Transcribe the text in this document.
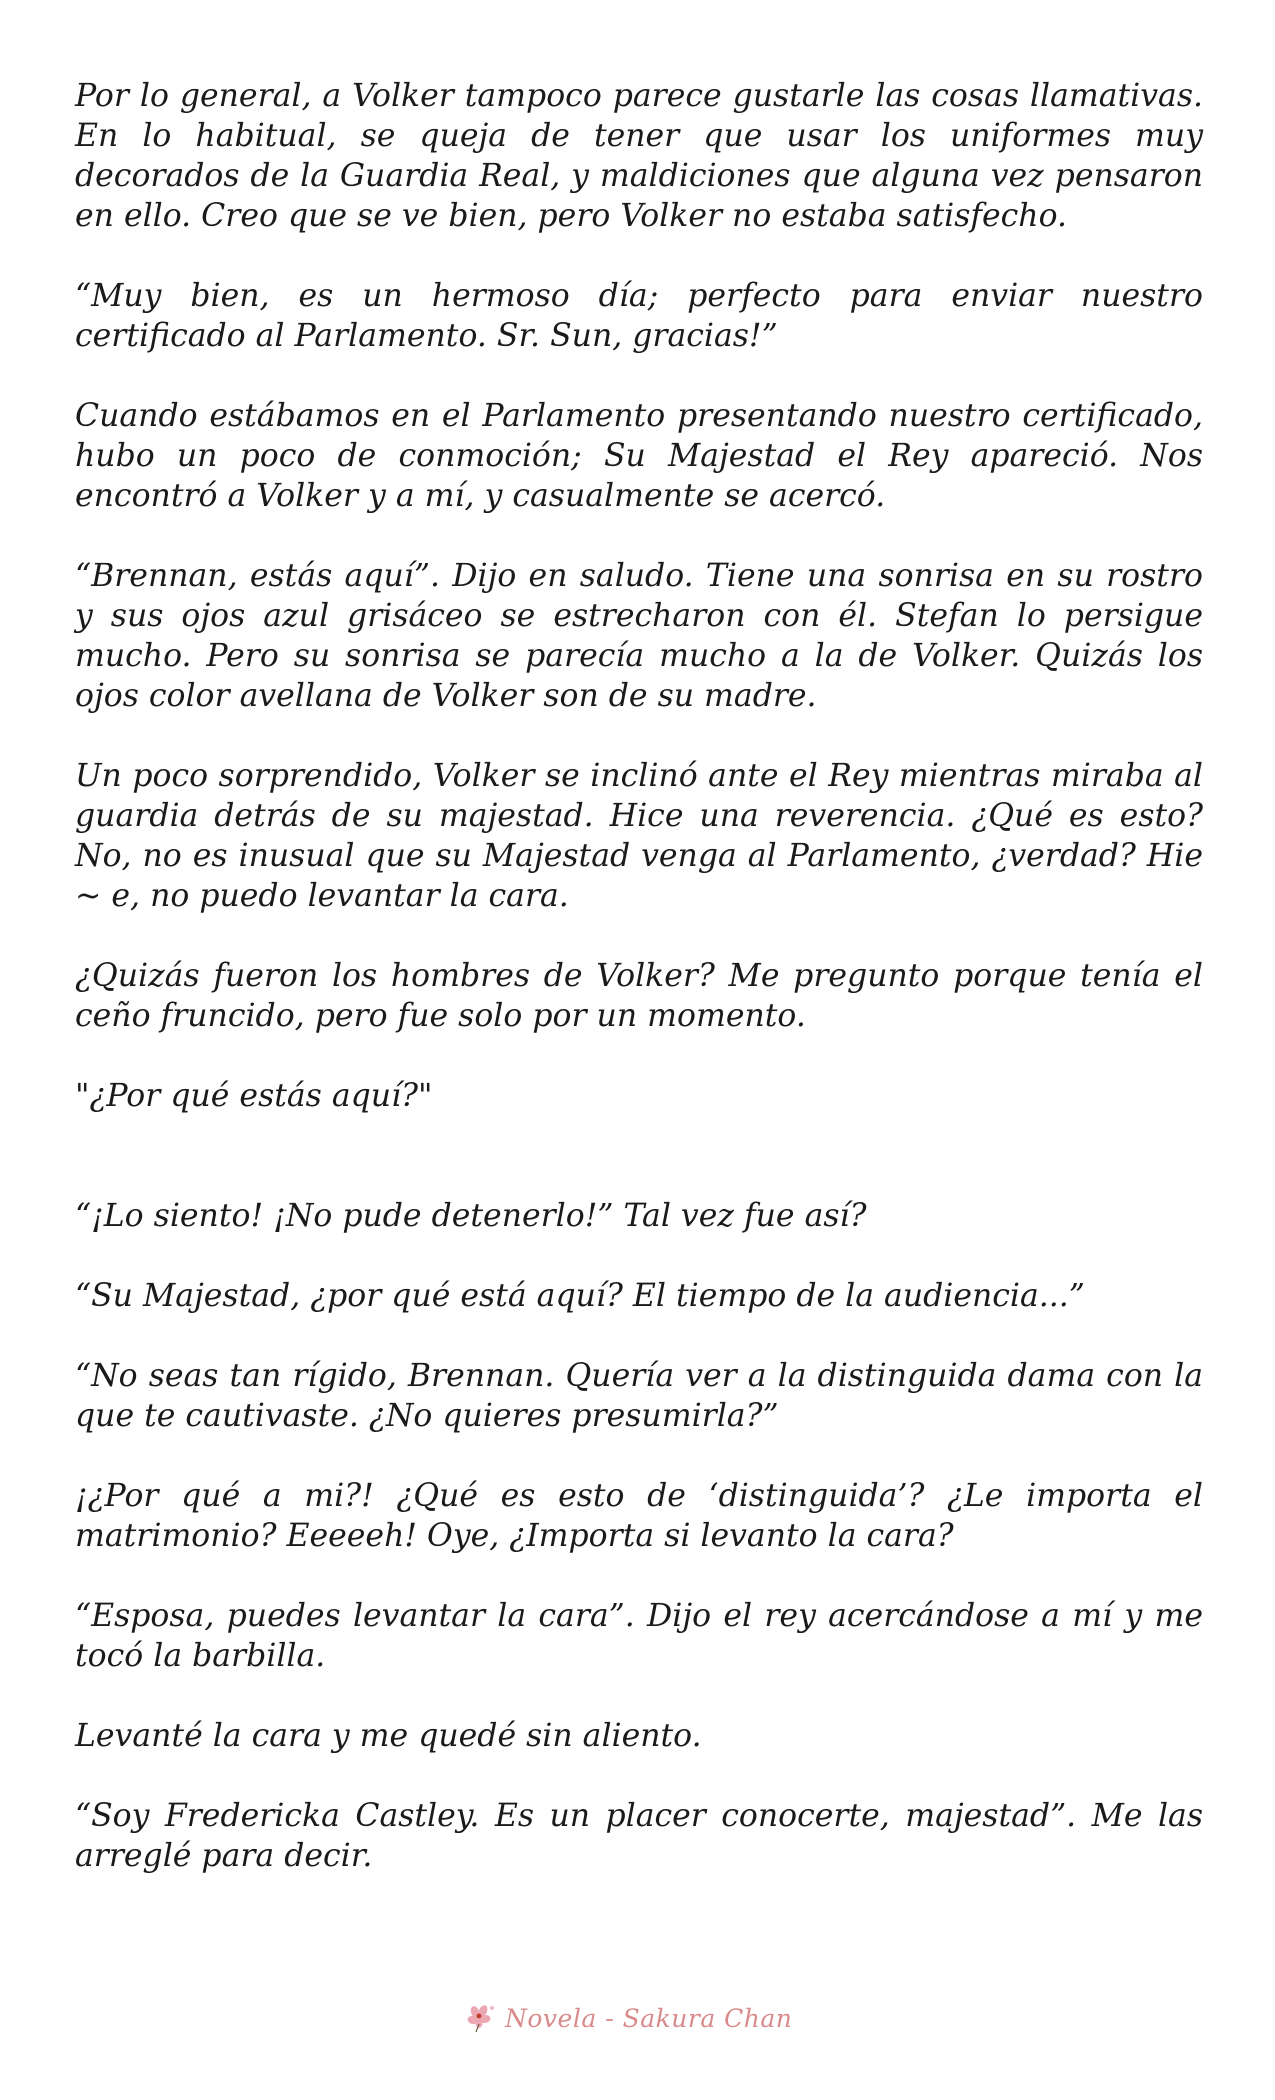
Por lo general, a Volker tampoco parece gustarle las cosas llamativas. En lo habitual, se queja de tener que usar los uniformes muy decorados de la Guardia Real, y maldiciones que alguna vez pensaron en ello. Creo que se ve bien, pero Volker no estaba satisfecho.

“Muy bien, es un hermoso día; perfecto para enviar nuestro certificado al Parlamento. Sr. Sun, gracias!”

Cuando estábamos en el Parlamento presentando nuestro certificado, hubo un poco de conmoción; Su Majestad el Rey apareció. Nos encontró a Volker y a mí, y casualmente se acercó.

“Brennan, estás aquí”. Dijo en saludo. Tiene una sonrisa en su rostro y sus ojos azul grisáceo se estrecharon con él. Stefan lo persigue mucho. Pero su sonrisa se parecía mucho a la de Volker. Quizás los ojos color avellana de Volker son de su madre.

Un poco sorprendido, Volker se inclinó ante el Rey mientras miraba al guardia detrás de su majestad. Hice una reverencia. ¿Qué es esto? No, no es inusual que su Majestad venga al Parlamento, ¿verdad? Hie ~ e, no puedo levantar la cara.

¿Quizás fueron los hombres de Volker? Me pregunto porque tenía el ceño fruncido, pero fue solo por un momento.

"¿Por qué estás aquí?"

“¡Lo siento! ¡No pude detenerlo!” Tal vez fue así?

“Su Majestad, ¿por qué está aquí? El tiempo de la audiencia...”

“No seas tan rígido, Brennan. Quería ver a la distinguida dama con la que te cautivaste. ¿No quieres presumirla?”

¡¿Por qué a mi?! ¿Qué es esto de ‘distinguida’? ¿Le importa el matrimonio? Eeeeeh! Oye, ¿Importa si levanto la cara?

“Esposa, puedes levantar la cara”. Dijo el rey acercándose a mí y me tocó la barbilla.

Levanté la cara y me quedé sin aliento.

“Soy Fredericka Castley. Es un placer conocerte, majestad”. Me las arreglé para decir.

Novela - Sakura Chan
